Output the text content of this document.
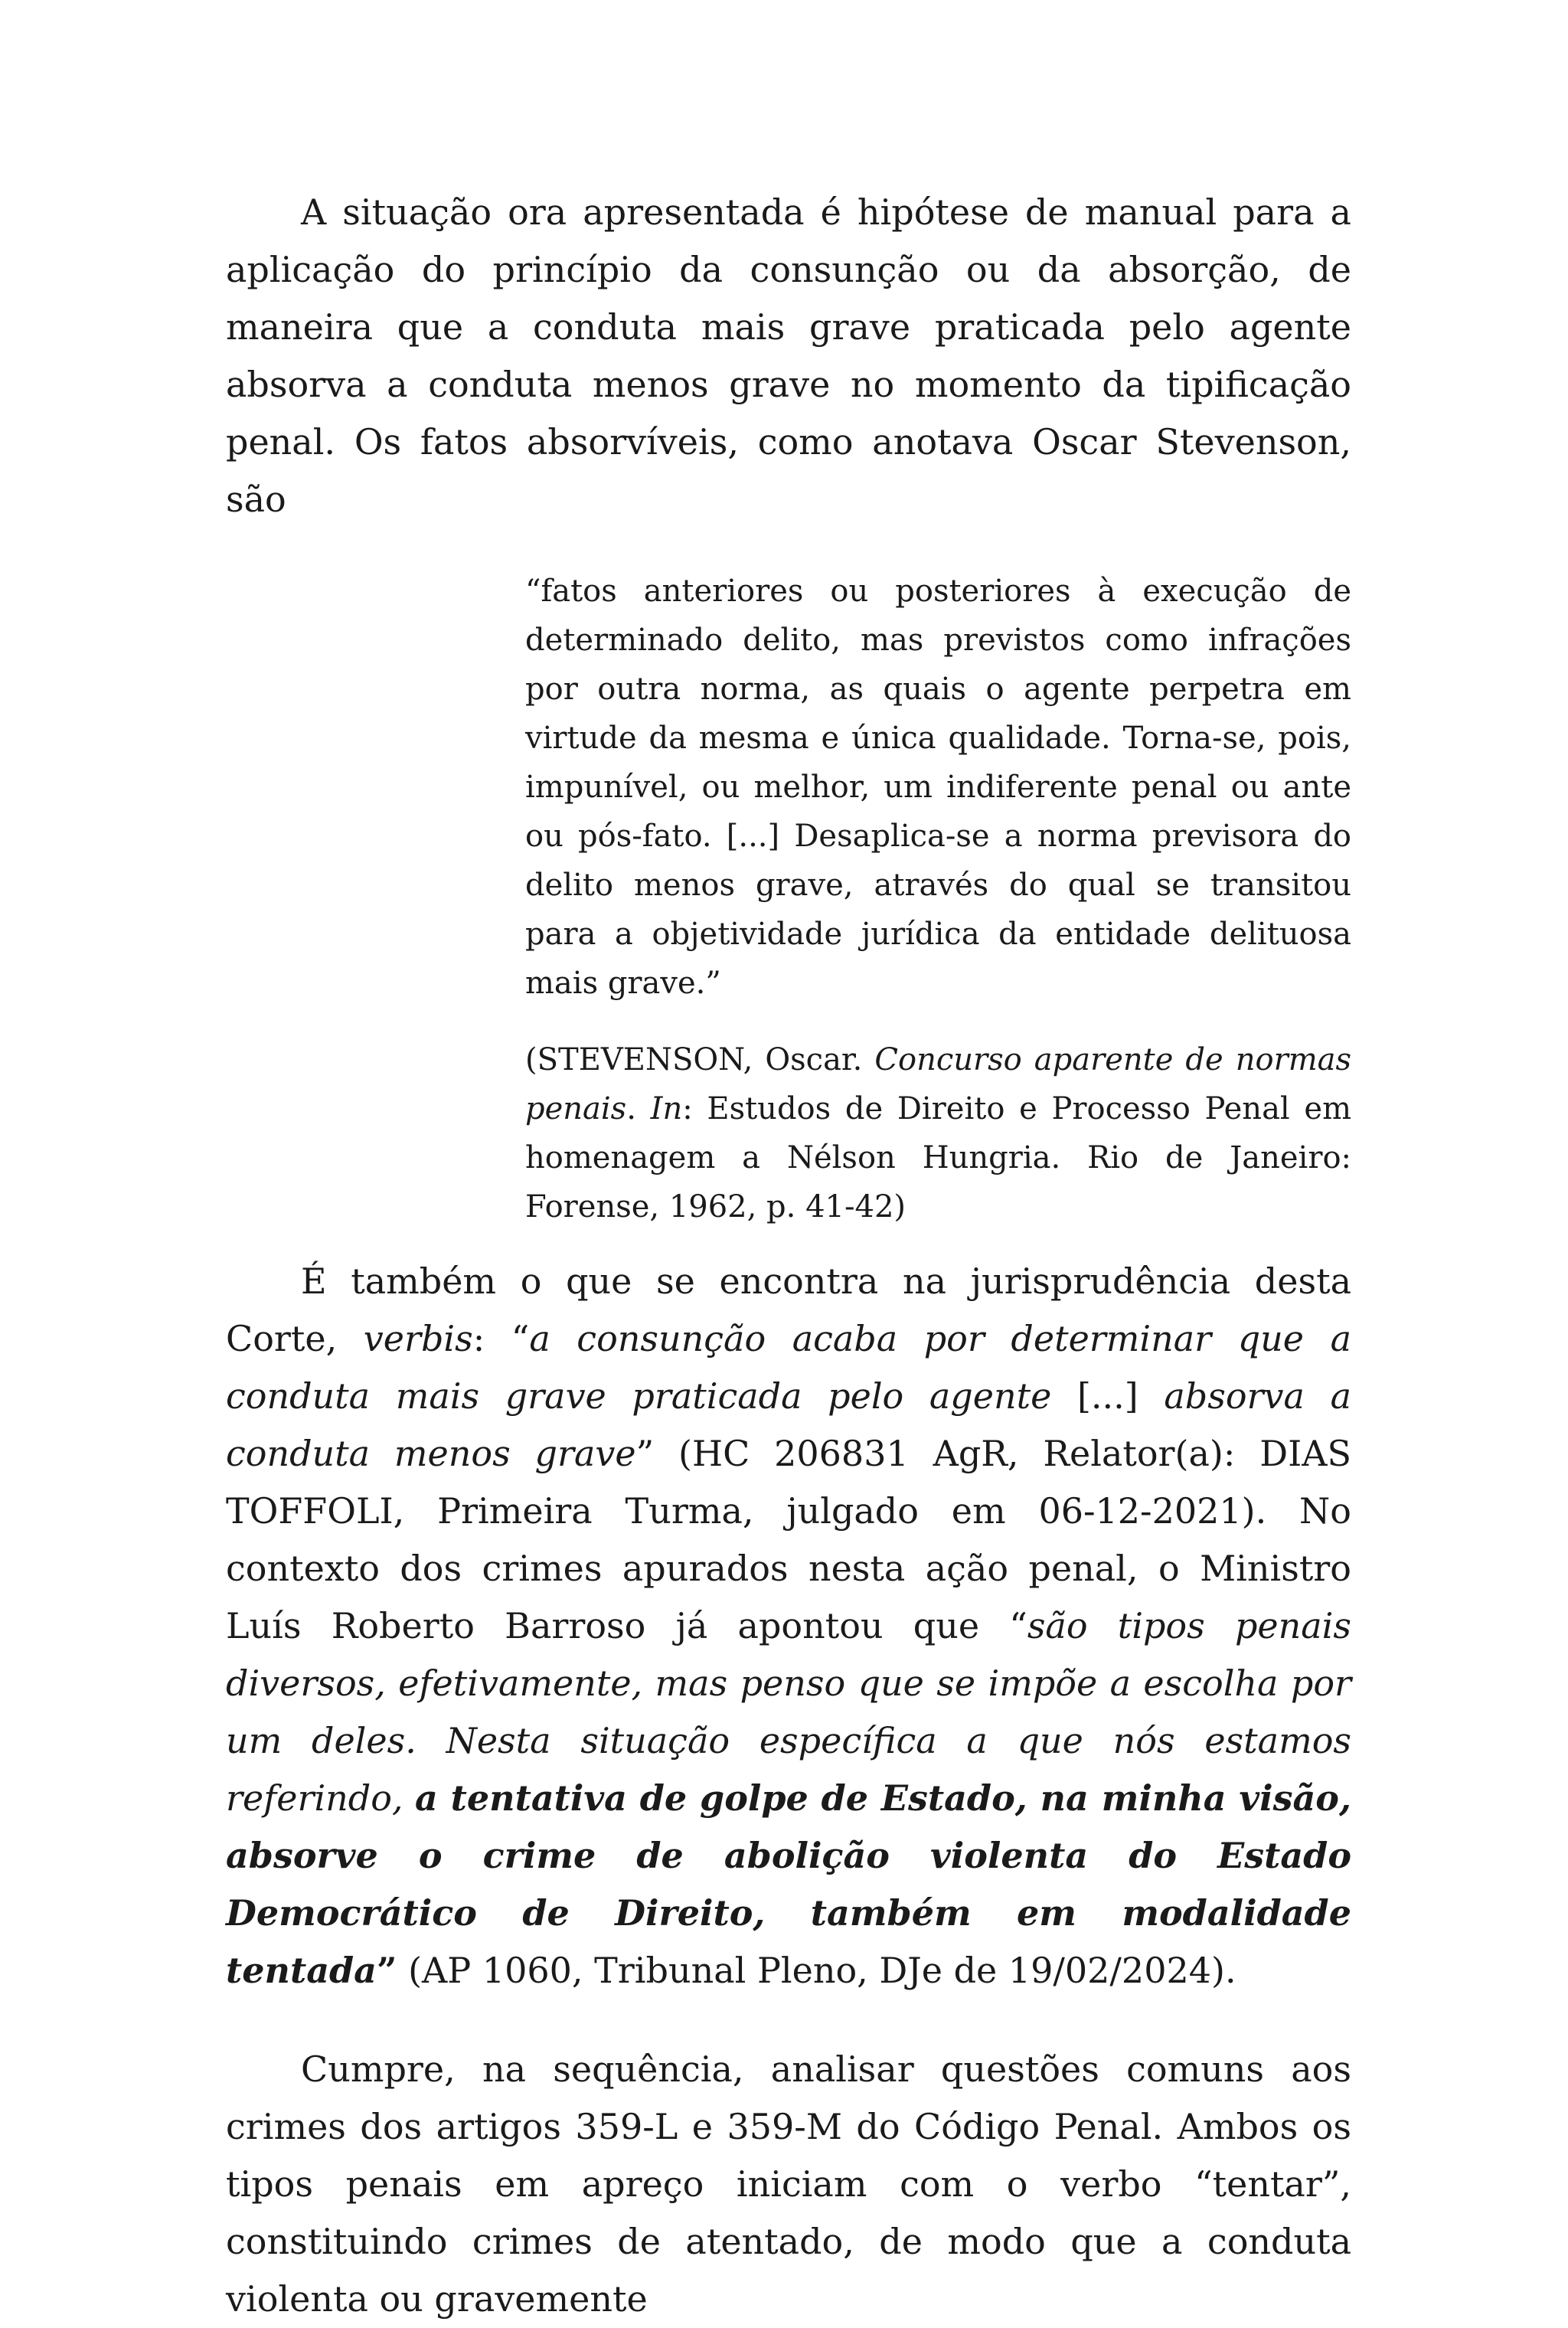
A situação ora apresentada é hipótese de manual para a aplicação do princípio da consunção ou da absorção, de maneira que a conduta mais grave praticada pelo agente absorva a conduta menos grave no momento da tipificação penal. Os fatos absorvíveis, como anotava Oscar Stevenson, são

“fatos anteriores ou posteriores à execução de determinado delito, mas previstos como infrações por outra norma, as quais o agente perpetra em virtude da mesma e única qualidade. Torna-se, pois, impunível, ou melhor, um indiferente penal ou ante ou pós-fato. [...] Desaplica-se a norma previsora do delito menos grave, através do qual se transitou para a objetividade jurídica da entidade delituosa mais grave.”

(STEVENSON, Oscar. Concurso aparente de normas penais. In: Estudos de Direito e Processo Penal em homenagem a Nélson Hungria. Rio de Janeiro: Forense, 1962, p. 41-42)

É também o que se encontra na jurisprudência desta Corte, verbis: “a consunção acaba por determinar que a conduta mais grave praticada pelo agente [...] absorva a conduta menos grave” (HC 206831 AgR, Relator(a): DIAS TOFFOLI, Primeira Turma, julgado em 06-12-2021). No contexto dos crimes apurados nesta ação penal, o Ministro Luís Roberto Barroso já apontou que “são tipos penais diversos, efetivamente, mas penso que se impõe a escolha por um deles. Nesta situação específica a que nós estamos referindo, a tentativa de golpe de Estado, na minha visão, absorve o crime de abolição violenta do Estado Democrático de Direito, também em modalidade tentada” (AP 1060, Tribunal Pleno, DJe de 19/02/2024).

Cumpre, na sequência, analisar questões comuns aos crimes dos artigos 359-L e 359-M do Código Penal. Ambos os tipos penais em apreço iniciam com o verbo “tentar”, constituindo crimes de atentado, de modo que a conduta violenta ou gravemente
